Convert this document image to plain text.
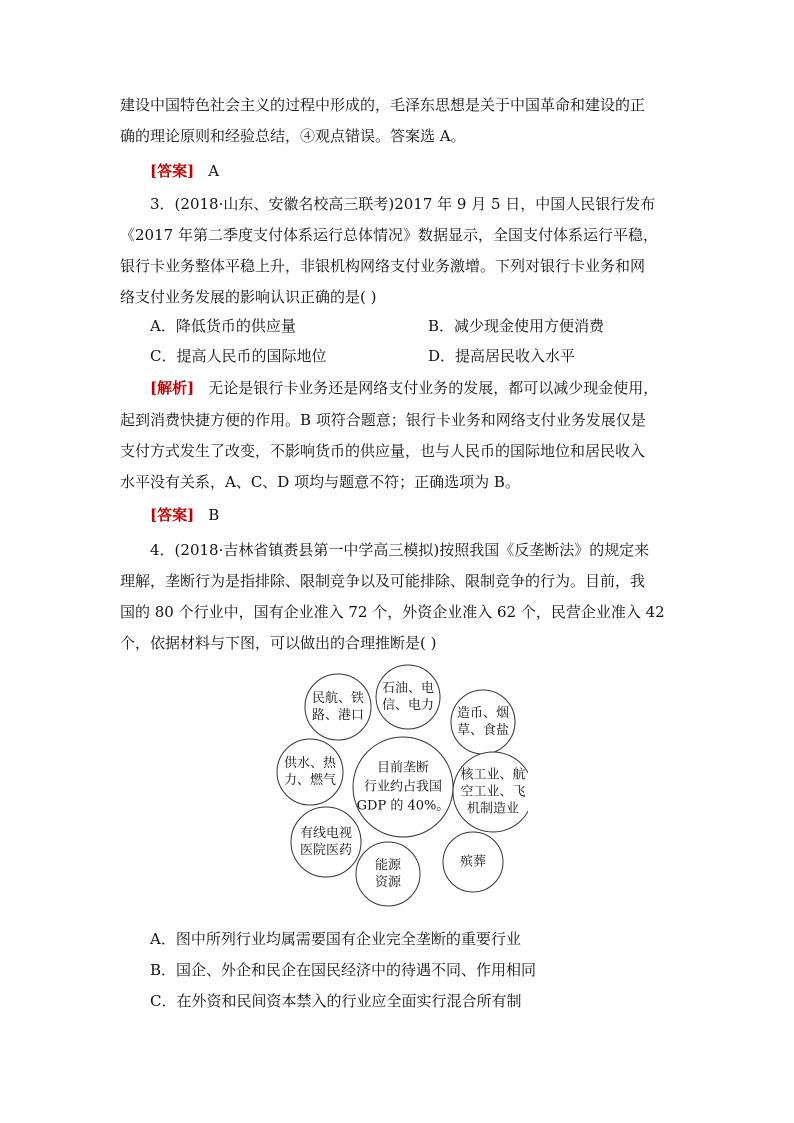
建设中国特色社会主义的过程中形成的，毛泽东思想是关于中国革命和建设的正
确的理论原则和经验总结，④观点错误。答案选 A。
[答案] A
3．(2018·山东、安徽名校高三联考)2017 年 9 月 5 日，中国人民银行发布
《2017 年第二季度支付体系运行总体情况》数据显示，全国支付体系运行平稳，
银行卡业务整体平稳上升，非银机构网络支付业务激增。下列对银行卡业务和网
络支付业务发展的影响认识正确的是( )
A．降低货币的供应量	B．减少现金使用方便消费
C．提高人民币的国际地位	D．提高居民收入水平
[解析] 无论是银行卡业务还是网络支付业务的发展，都可以减少现金使用，
起到消费快捷方便的作用。B 项符合题意；银行卡业务和网络支付业务发展仅是
支付方式发生了改变，不影响货币的供应量，也与人民币的国际地位和居民收入
水平没有关系，A、C、D 项均与题意不符；正确选项为 B。
[答案] B
4．(2018·吉林省镇赉县第一中学高三模拟)按照我国《反垄断法》的规定来
理解，垄断行为是指排除、限制竞争以及可能排除、限制竞争的行为。目前，我
国的 80 个行业中，国有企业准入 72 个，外资企业准入 62 个，民营企业准入 42
个，依据材料与下图，可以做出的合理推断是( )
目前垄断
行业约占我国
GDP 的 40%。
石油、电
信、电力
造币、烟
草、食盐
核工业、航
空工业、飞
机制造业
殡葬
能源
资源
有线电视
医院医药
供水、热
力、燃气
民航、铁
路、港口
A．图中所列行业均属需要国有企业完全垄断的重要行业
B．国企、外企和民企在国民经济中的待遇不同、作用相同
C．在外资和民间资本禁入的行业应全面实行混合所有制
